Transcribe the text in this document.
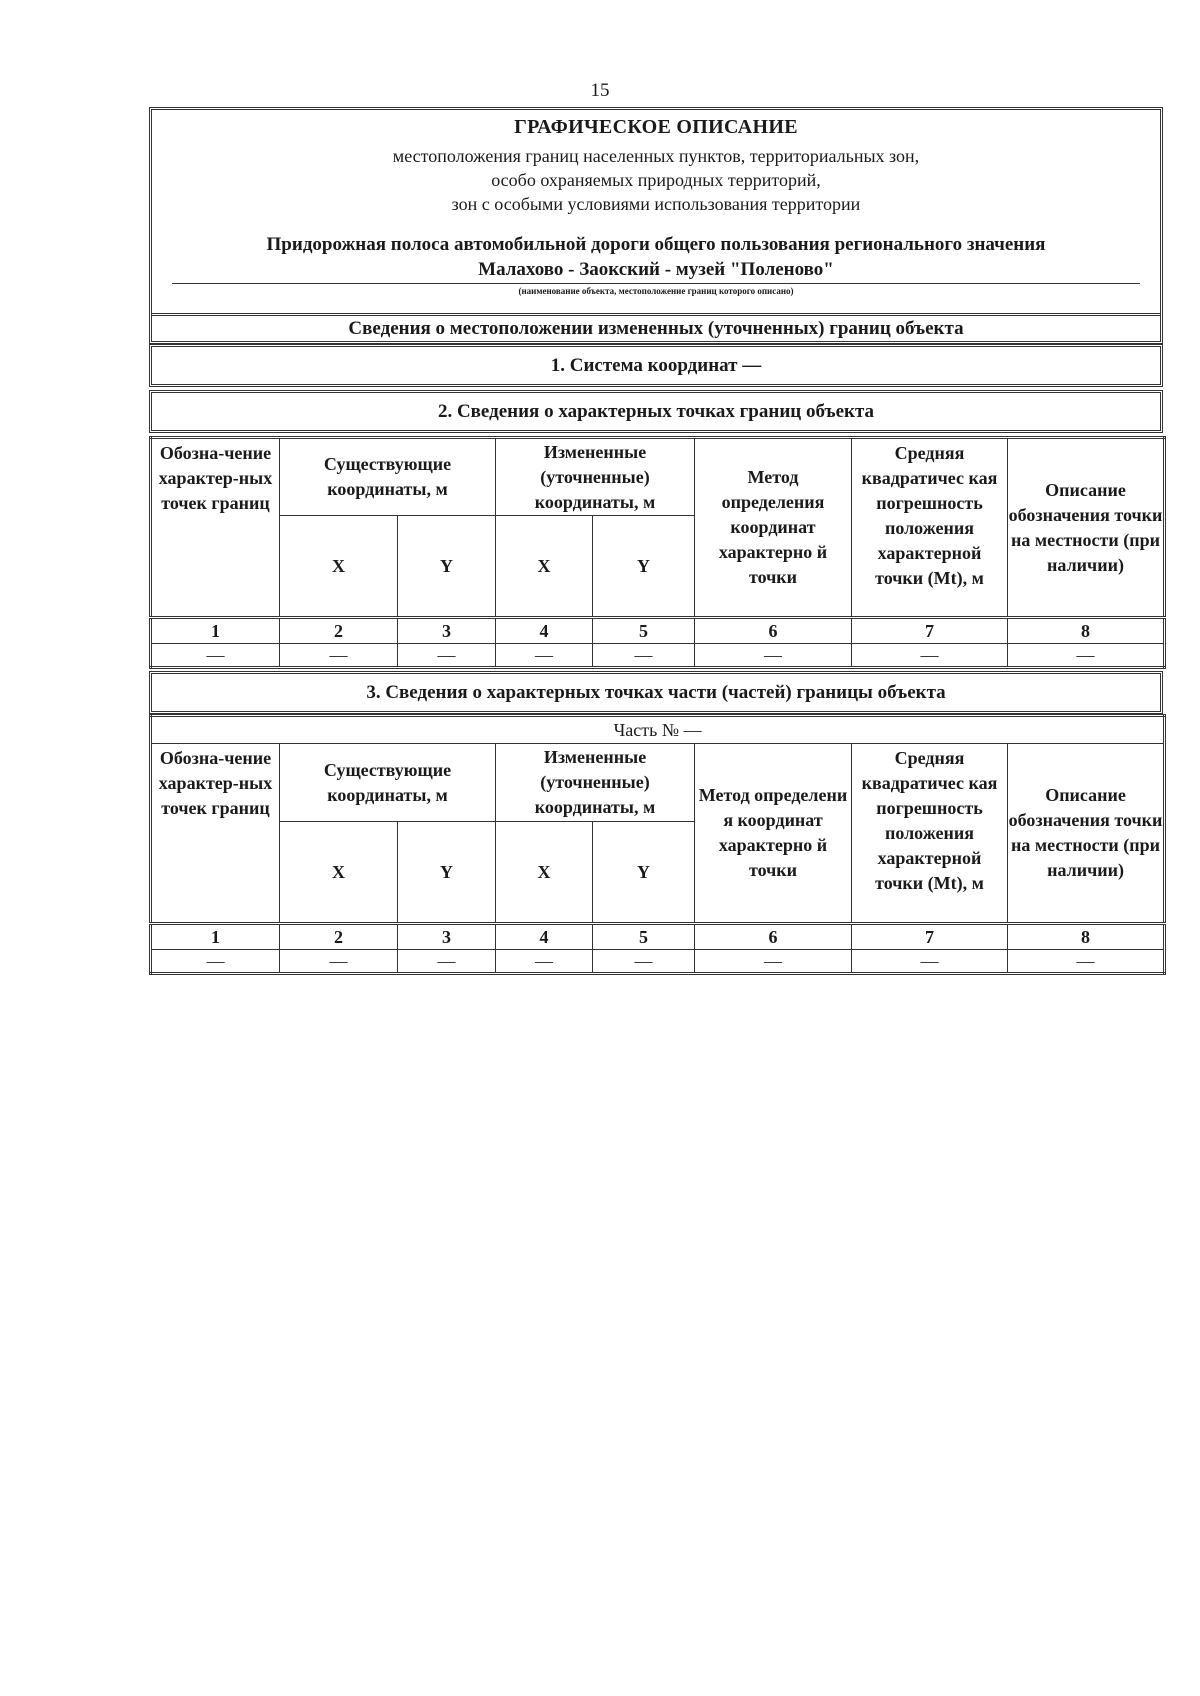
15
ГРАФИЧЕСКОЕ ОПИСАНИЕ
местоположения границ населенных пунктов, территориальных зон,
особо охраняемых природных территорий,
зон с особыми условиями использования территории
Придорожная полоса автомобильной дороги общего пользования регионального значения
Малахово - Заокский - музей "Поленово"
(наименование объекта, местоположение границ которого описано)
Сведения о местоположении измененных (уточненных) границ объекта
1. Система координат —
2. Сведения о характерных точках границ объекта
Обозна-чение характер-ных точек границ	Существующие координаты, м		Измененные (уточненные) координаты, м		Метод определения координат характерно й точки	Средняя квадратичес кая погрешность положения характерной точки (Mt), м	Описание обозначения точки на местности (при наличии)
	X	Y	X	Y			
1	2	3	4	5	6	7	8
—	—	—	—	—	—	—	—
3. Сведения о характерных точках части (частей) границы объекта
Часть № —							
Обозна-чение характер-ных точек границ	Существующие координаты, м		Измененные (уточненные) координаты, м		Метод определени я координат характерно й точки	Средняя квадратичес кая погрешность положения характерной точки (Mt), м	Описание обозначения точки на местности (при наличии)
	X	Y	X	Y			
1	2	3	4	5	6	7	8
—	—	—	—	—	—	—	—
